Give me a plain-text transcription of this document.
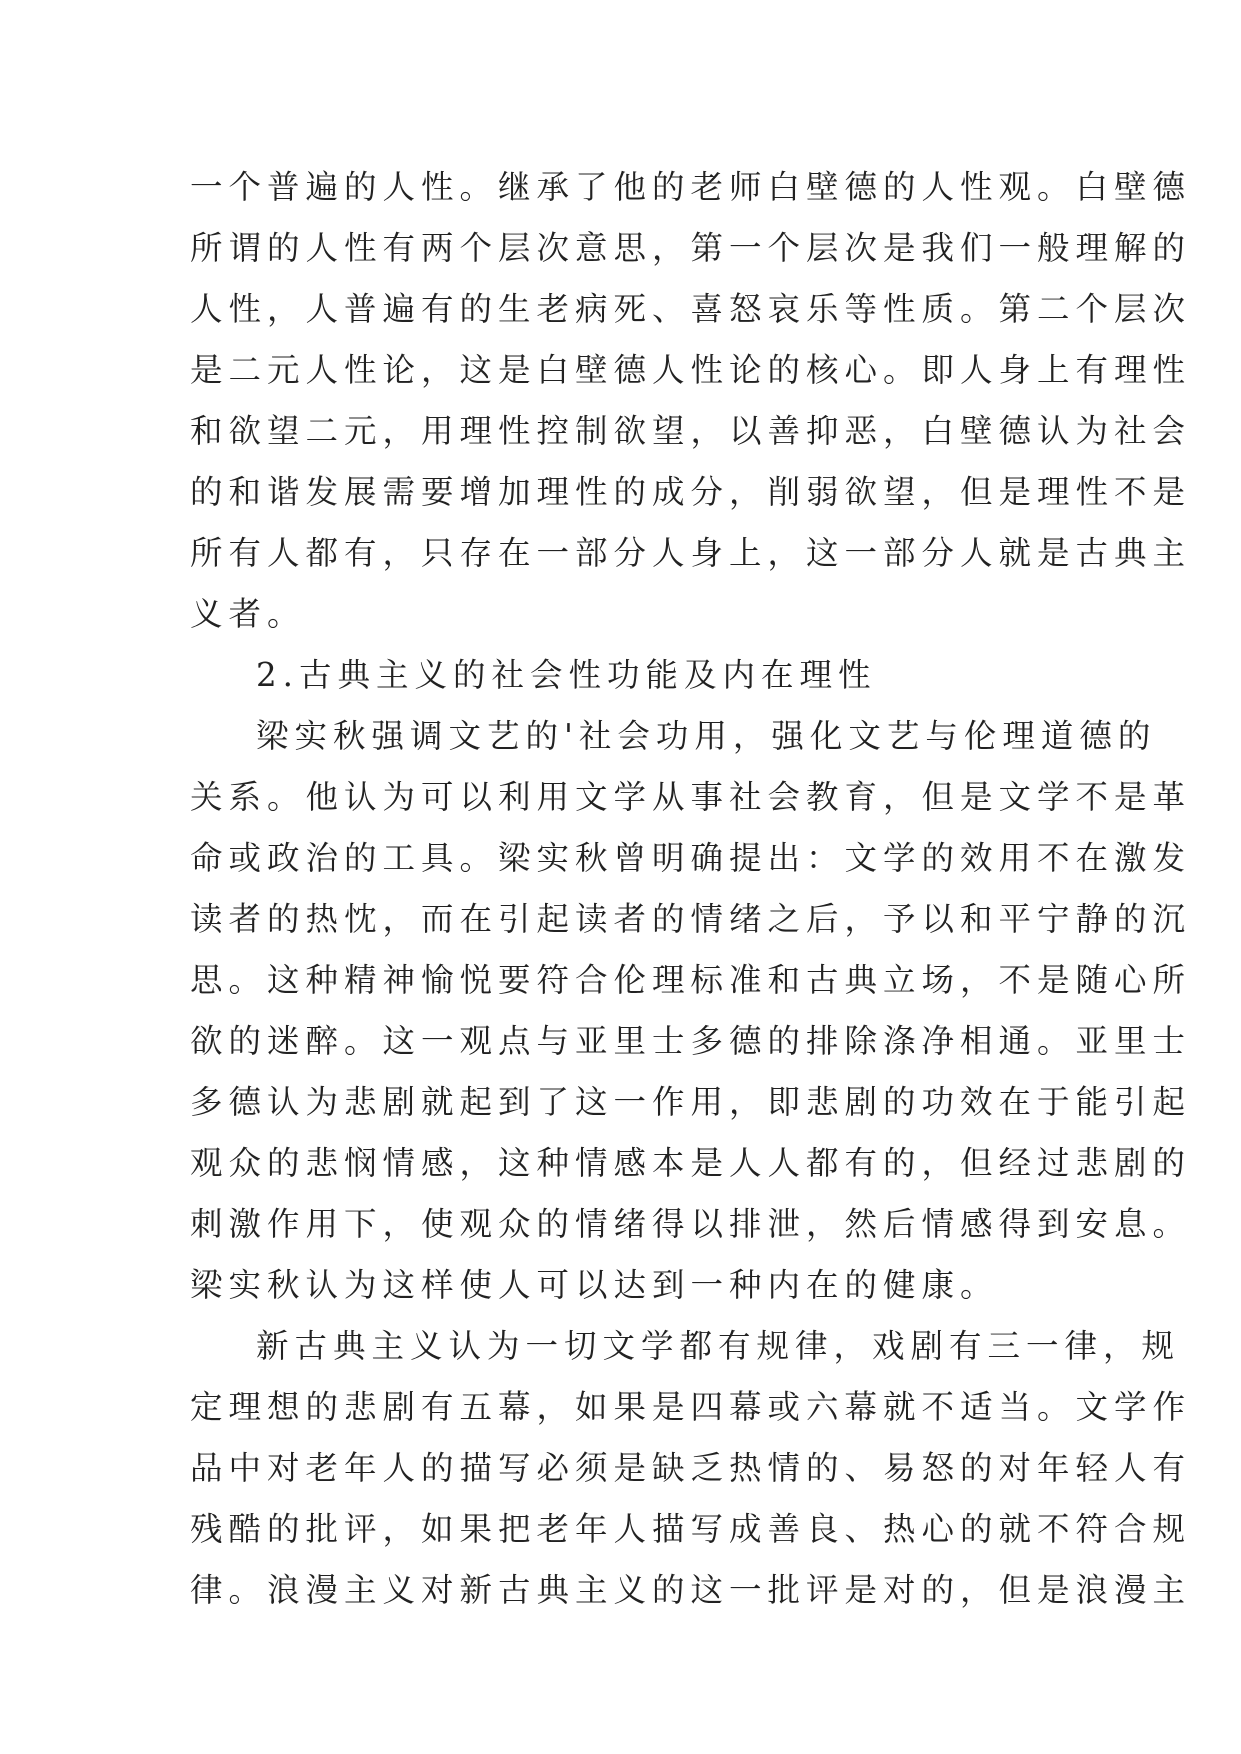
一个普遍的人性。继承了他的老师白壁德的人性观。白壁德
所谓的人性有两个层次意思，第一个层次是我们一般理解的
人性，人普遍有的生老病死、喜怒哀乐等性质。第二个层次
是二元人性论，这是白壁德人性论的核心。即人身上有理性
和欲望二元，用理性控制欲望，以善抑恶，白壁德认为社会
的和谐发展需要增加理性的成分，削弱欲望，但是理性不是
所有人都有，只存在一部分人身上，这一部分人就是古典主
义者。
2.古典主义的社会性功能及内在理性
梁实秋强调文艺的'社会功用，强化文艺与伦理道德的
关系。他认为可以利用文学从事社会教育，但是文学不是革
命或政治的工具。梁实秋曾明确提出：文学的效用不在激发
读者的热忱，而在引起读者的情绪之后，予以和平宁静的沉
思。这种精神愉悦要符合伦理标准和古典立场，不是随心所
欲的迷醉。这一观点与亚里士多德的排除涤净相通。亚里士
多德认为悲剧就起到了这一作用，即悲剧的功效在于能引起
观众的悲悯情感，这种情感本是人人都有的，但经过悲剧的
刺激作用下，使观众的情绪得以排泄，然后情感得到安息。
梁实秋认为这样使人可以达到一种内在的健康。
新古典主义认为一切文学都有规律，戏剧有三一律，规
定理想的悲剧有五幕，如果是四幕或六幕就不适当。文学作
品中对老年人的描写必须是缺乏热情的、易怒的对年轻人有
残酷的批评，如果把老年人描写成善良、热心的就不符合规
律。浪漫主义对新古典主义的这一批评是对的，但是浪漫主
